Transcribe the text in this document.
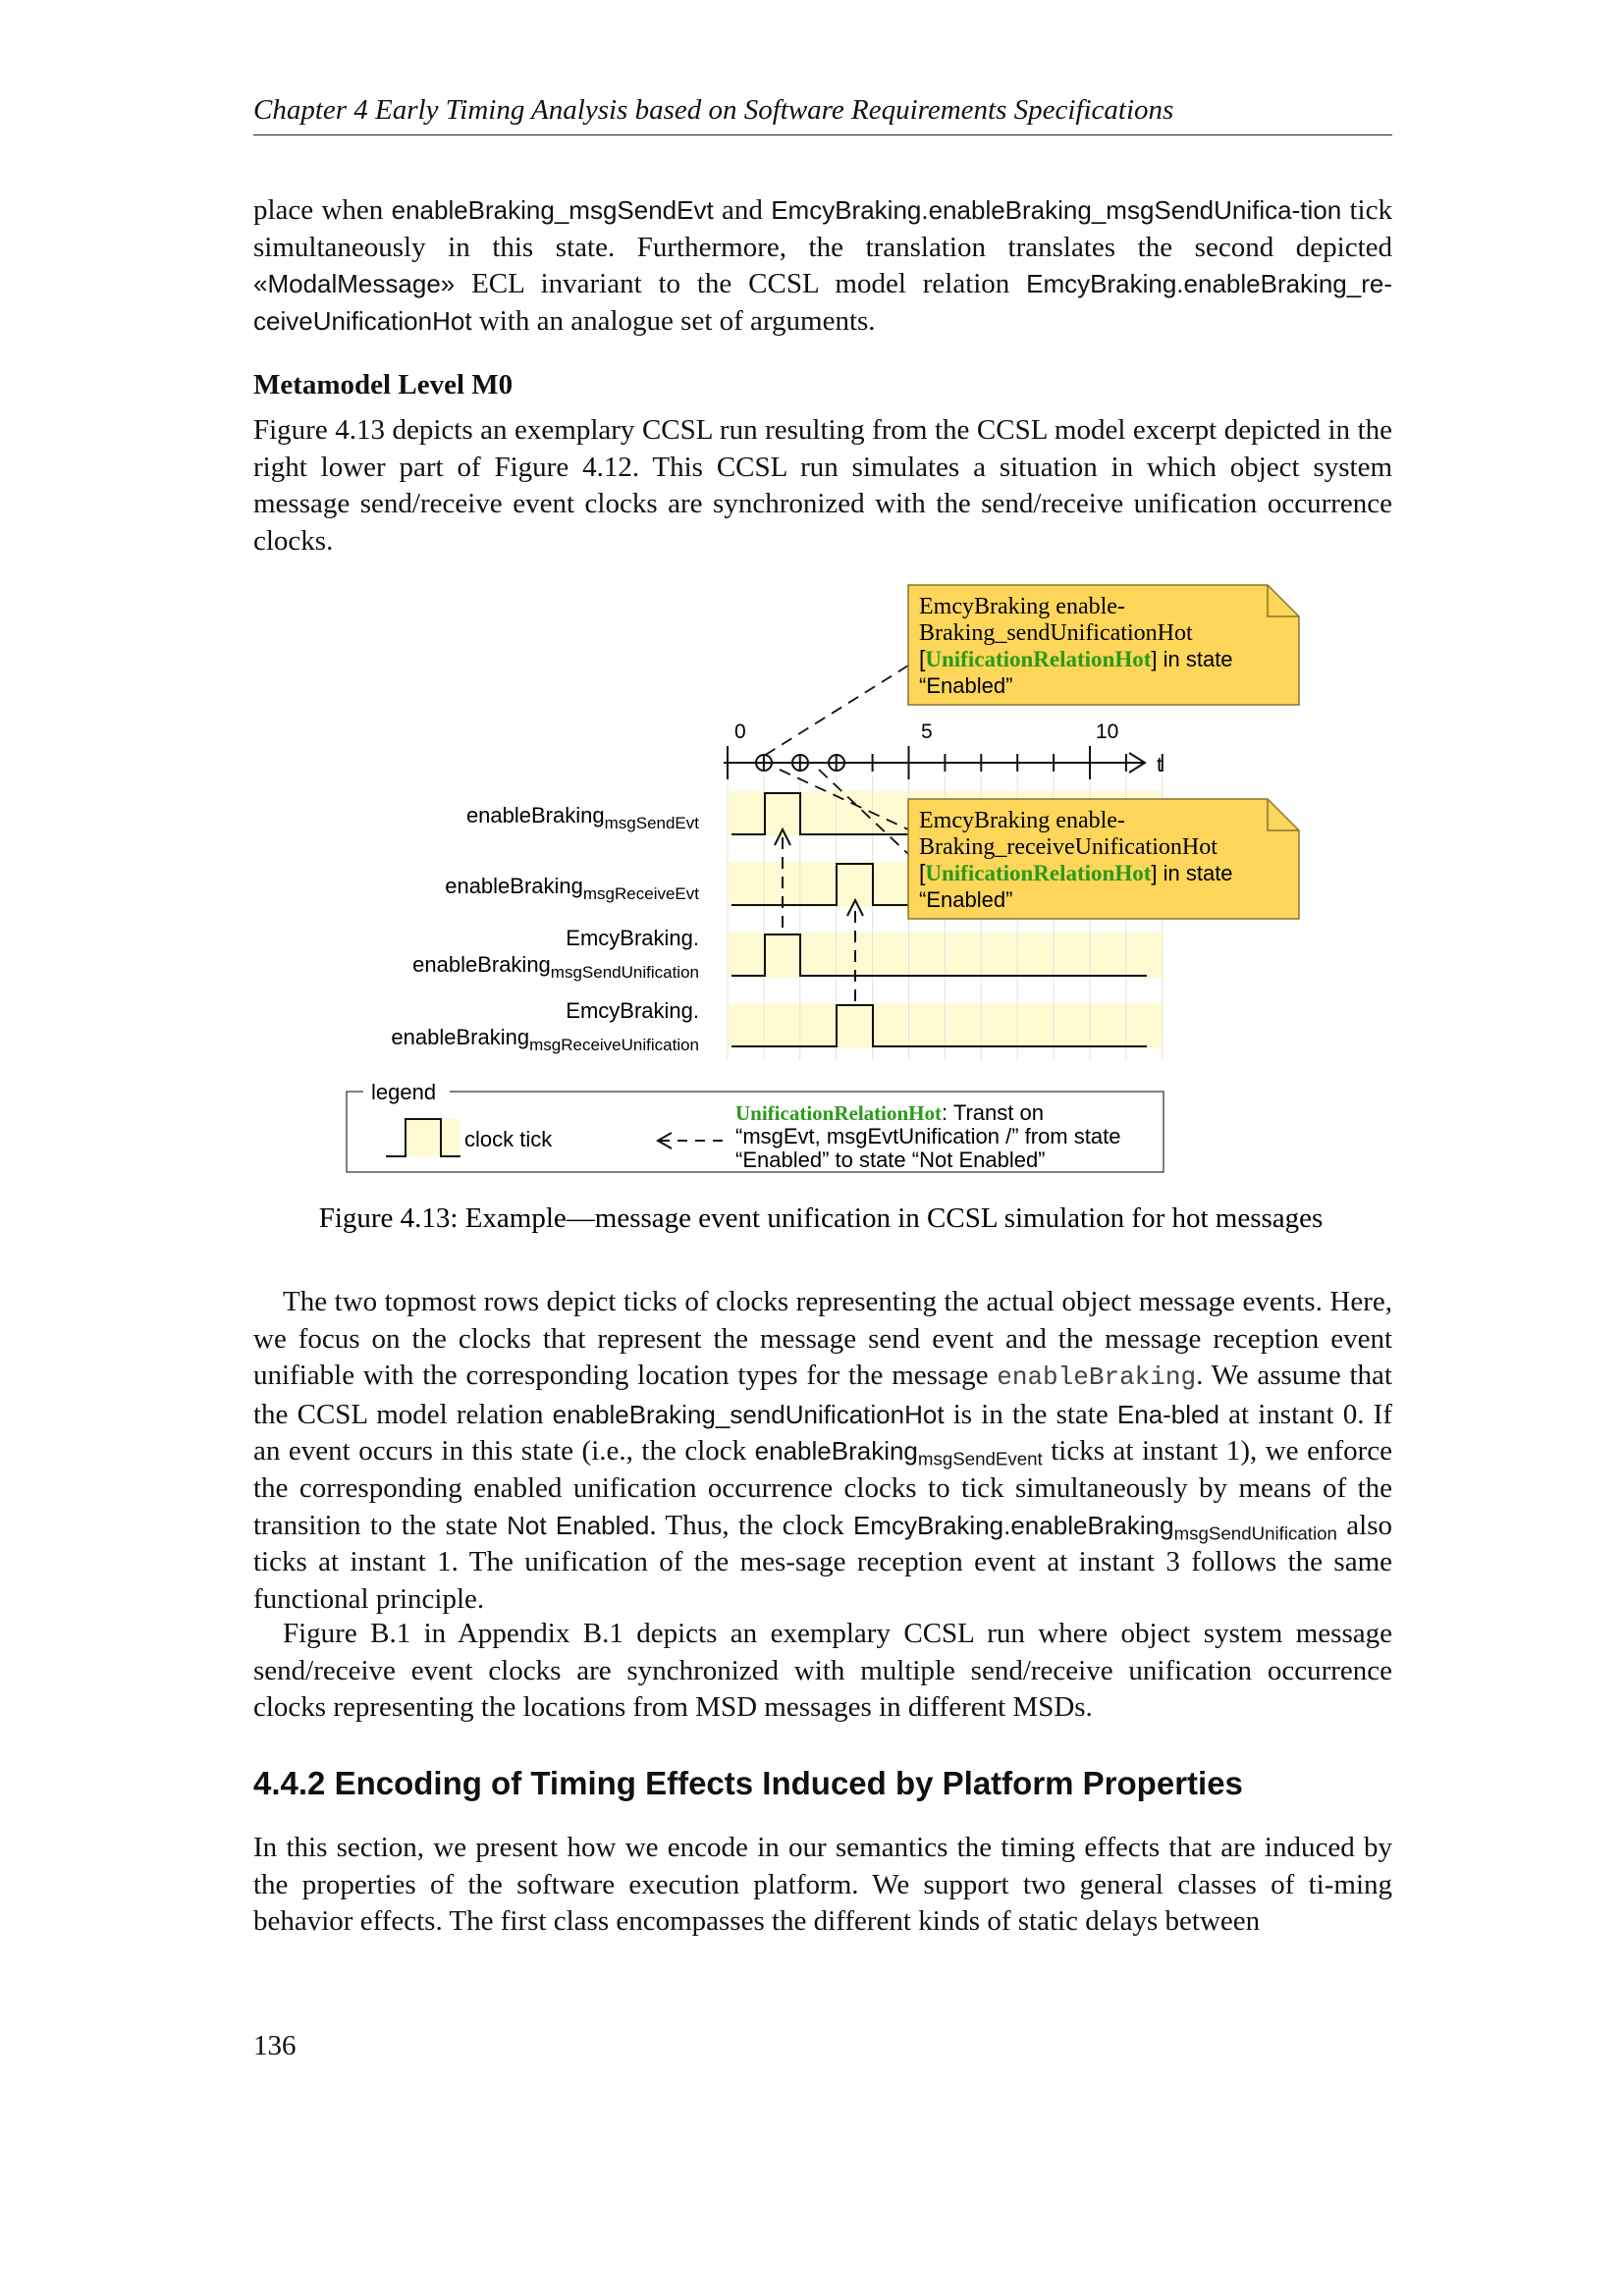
Chapter 4 Early Timing Analysis based on Software Requirements Specifications

place when enableBraking_msgSendEvt and EmcyBraking.enableBraking_msgSendUnifica-tion tick simultaneously in this state. Furthermore, the translation translates the second depicted «ModalMessage» ECL invariant to the CCSL model relation EmcyBraking.enableBraking_re-ceiveUnificationHot with an analogue set of arguments.

Metamodel Level M0

Figure 4.13 depicts an exemplary CCSL run resulting from the CCSL model excerpt depicted in the right lower part of Figure 4.12. This CCSL run simulates a situation in which object system message send/receive event clocks are synchronized with the send/receive unification occurrence clocks.

0	5	10
t
enableBraking$_{msgSendEvt}$
enableBraking$_{msgReceiveEvt}$
EmcyBraking.
enableBraking$_{msgSendUnification}$
EmcyBraking.
enableBraking$_{msgReceiveUnification}$
EmcyBraking enable-
Braking_sendUnificationHot
[UnificationRelationHot] in state
“Enabled”
EmcyBraking enable-
Braking_receiveUnificationHot
[UnificationRelationHot] in state
“Enabled”
legend
clock tick
UnificationRelationHot: Transt on
“msgEvt, msgEvtUnification /” from state
“Enabled” to state “Not Enabled”
Figure 4.13: Example—message event unification in CCSL simulation for hot messages

The two topmost rows depict ticks of clocks representing the actual object message events. Here, we focus on the clocks that represent the message send event and the message reception event unifiable with the corresponding location types for the message enableBraking. We assume that the CCSL model relation enableBraking_sendUnificationHot is in the state Ena-bled at instant 0. If an event occurs in this state (i.e., the clock enableBraking$_{msgSendEvent}$ ticks at instant 1), we enforce the corresponding enabled unification occurrence clocks to tick simultaneously by means of the transition to the state Not Enabled. Thus, the clock EmcyBraking.enableBraking$_{msgSendUnification}$ also ticks at instant 1. The unification of the mes-sage reception event at instant 3 follows the same functional principle.

Figure B.1 in Appendix B.1 depicts an exemplary CCSL run where object system message send/receive event clocks are synchronized with multiple send/receive unification occurrence clocks representing the locations from MSD messages in different MSDs.

4.4.2 Encoding of Timing Effects Induced by Platform Properties

In this section, we present how we encode in our semantics the timing effects that are induced by the properties of the software execution platform. We support two general classes of ti-ming behavior effects. The first class encompasses the different kinds of static delays between

136
